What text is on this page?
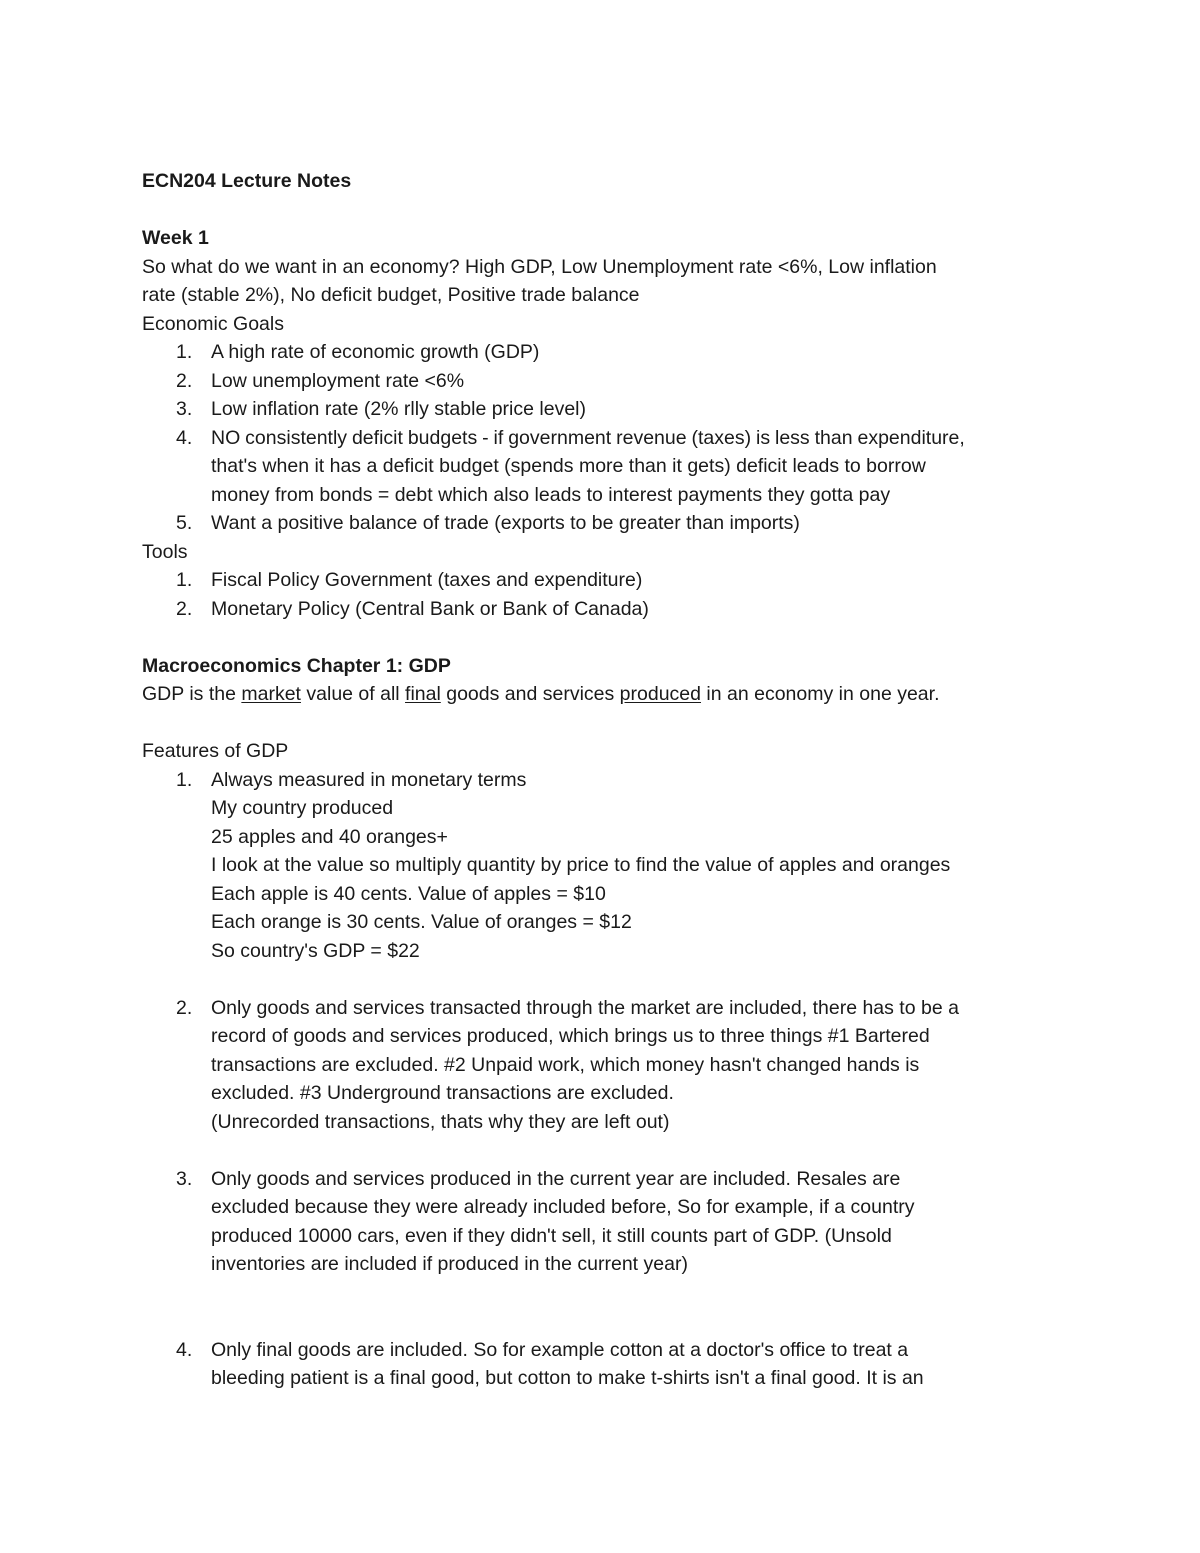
ECN204 Lecture Notes

Week 1
So what do we want in an economy? High GDP, Low Unemployment rate <6%, Low inflation
rate (stable 2%), No deficit budget, Positive trade balance
Economic Goals
1. A high rate of economic growth (GDP)
2. Low unemployment rate <6%
3. Low inflation rate (2% rlly stable price level)
4. NO consistently deficit budgets - if government revenue (taxes) is less than expenditure,
that's when it has a deficit budget (spends more than it gets) deficit leads to borrow
money from bonds = debt which also leads to interest payments they gotta pay
5. Want a positive balance of trade (exports to be greater than imports)
Tools
1. Fiscal Policy Government (taxes and expenditure)
2. Monetary Policy (Central Bank or Bank of Canada)
Macroeconomics Chapter 1: GDP
GDP is the market value of all final goods and services produced in an economy in one year.
Features of GDP
1. Always measured in monetary terms
My country produced
25 apples and 40 oranges+
I look at the value so multiply quantity by price to find the value of apples and oranges
Each apple is 40 cents. Value of apples = $10
Each orange is 30 cents. Value of oranges = $12
So country's GDP = $22
2. Only goods and services transacted through the market are included, there has to be a
record of goods and services produced, which brings us to three things #1 Bartered
transactions are excluded. #2 Unpaid work, which money hasn't changed hands is
excluded. #3 Underground transactions are excluded.
(Unrecorded transactions, thats why they are left out)
3. Only goods and services produced in the current year are included. Resales are
excluded because they were already included before, So for example, if a country
produced 10000 cars, even if they didn't sell, it still counts part of GDP. (Unsold
inventories are included if produced in the current year)
4. Only final goods are included. So for example cotton at a doctor's office to treat a
bleeding patient is a final good, but cotton to make t-shirts isn't a final good. It is an
